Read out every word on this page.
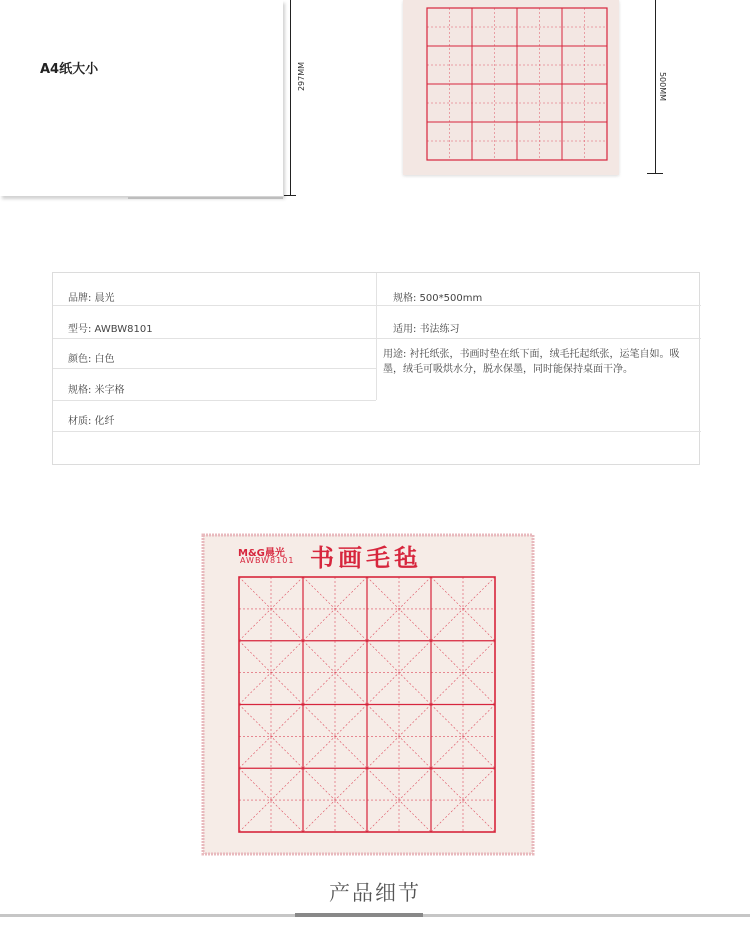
A4纸大小	297MM	500MM
品牌: 晨光	规格: 500*500mm
型号: AWBW8101	适用: 书法练习
颜色: 白色
规格: 米字格
材质: 化纤
用途: 衬托纸张，书画时垫在纸下面，绒毛托起纸张，运笔自如。吸墨，绒毛可吸烘水分，脱水保墨，同时能保持桌面干净。
M&G晨光
AWBW8101 书画毛毡
产品细节
